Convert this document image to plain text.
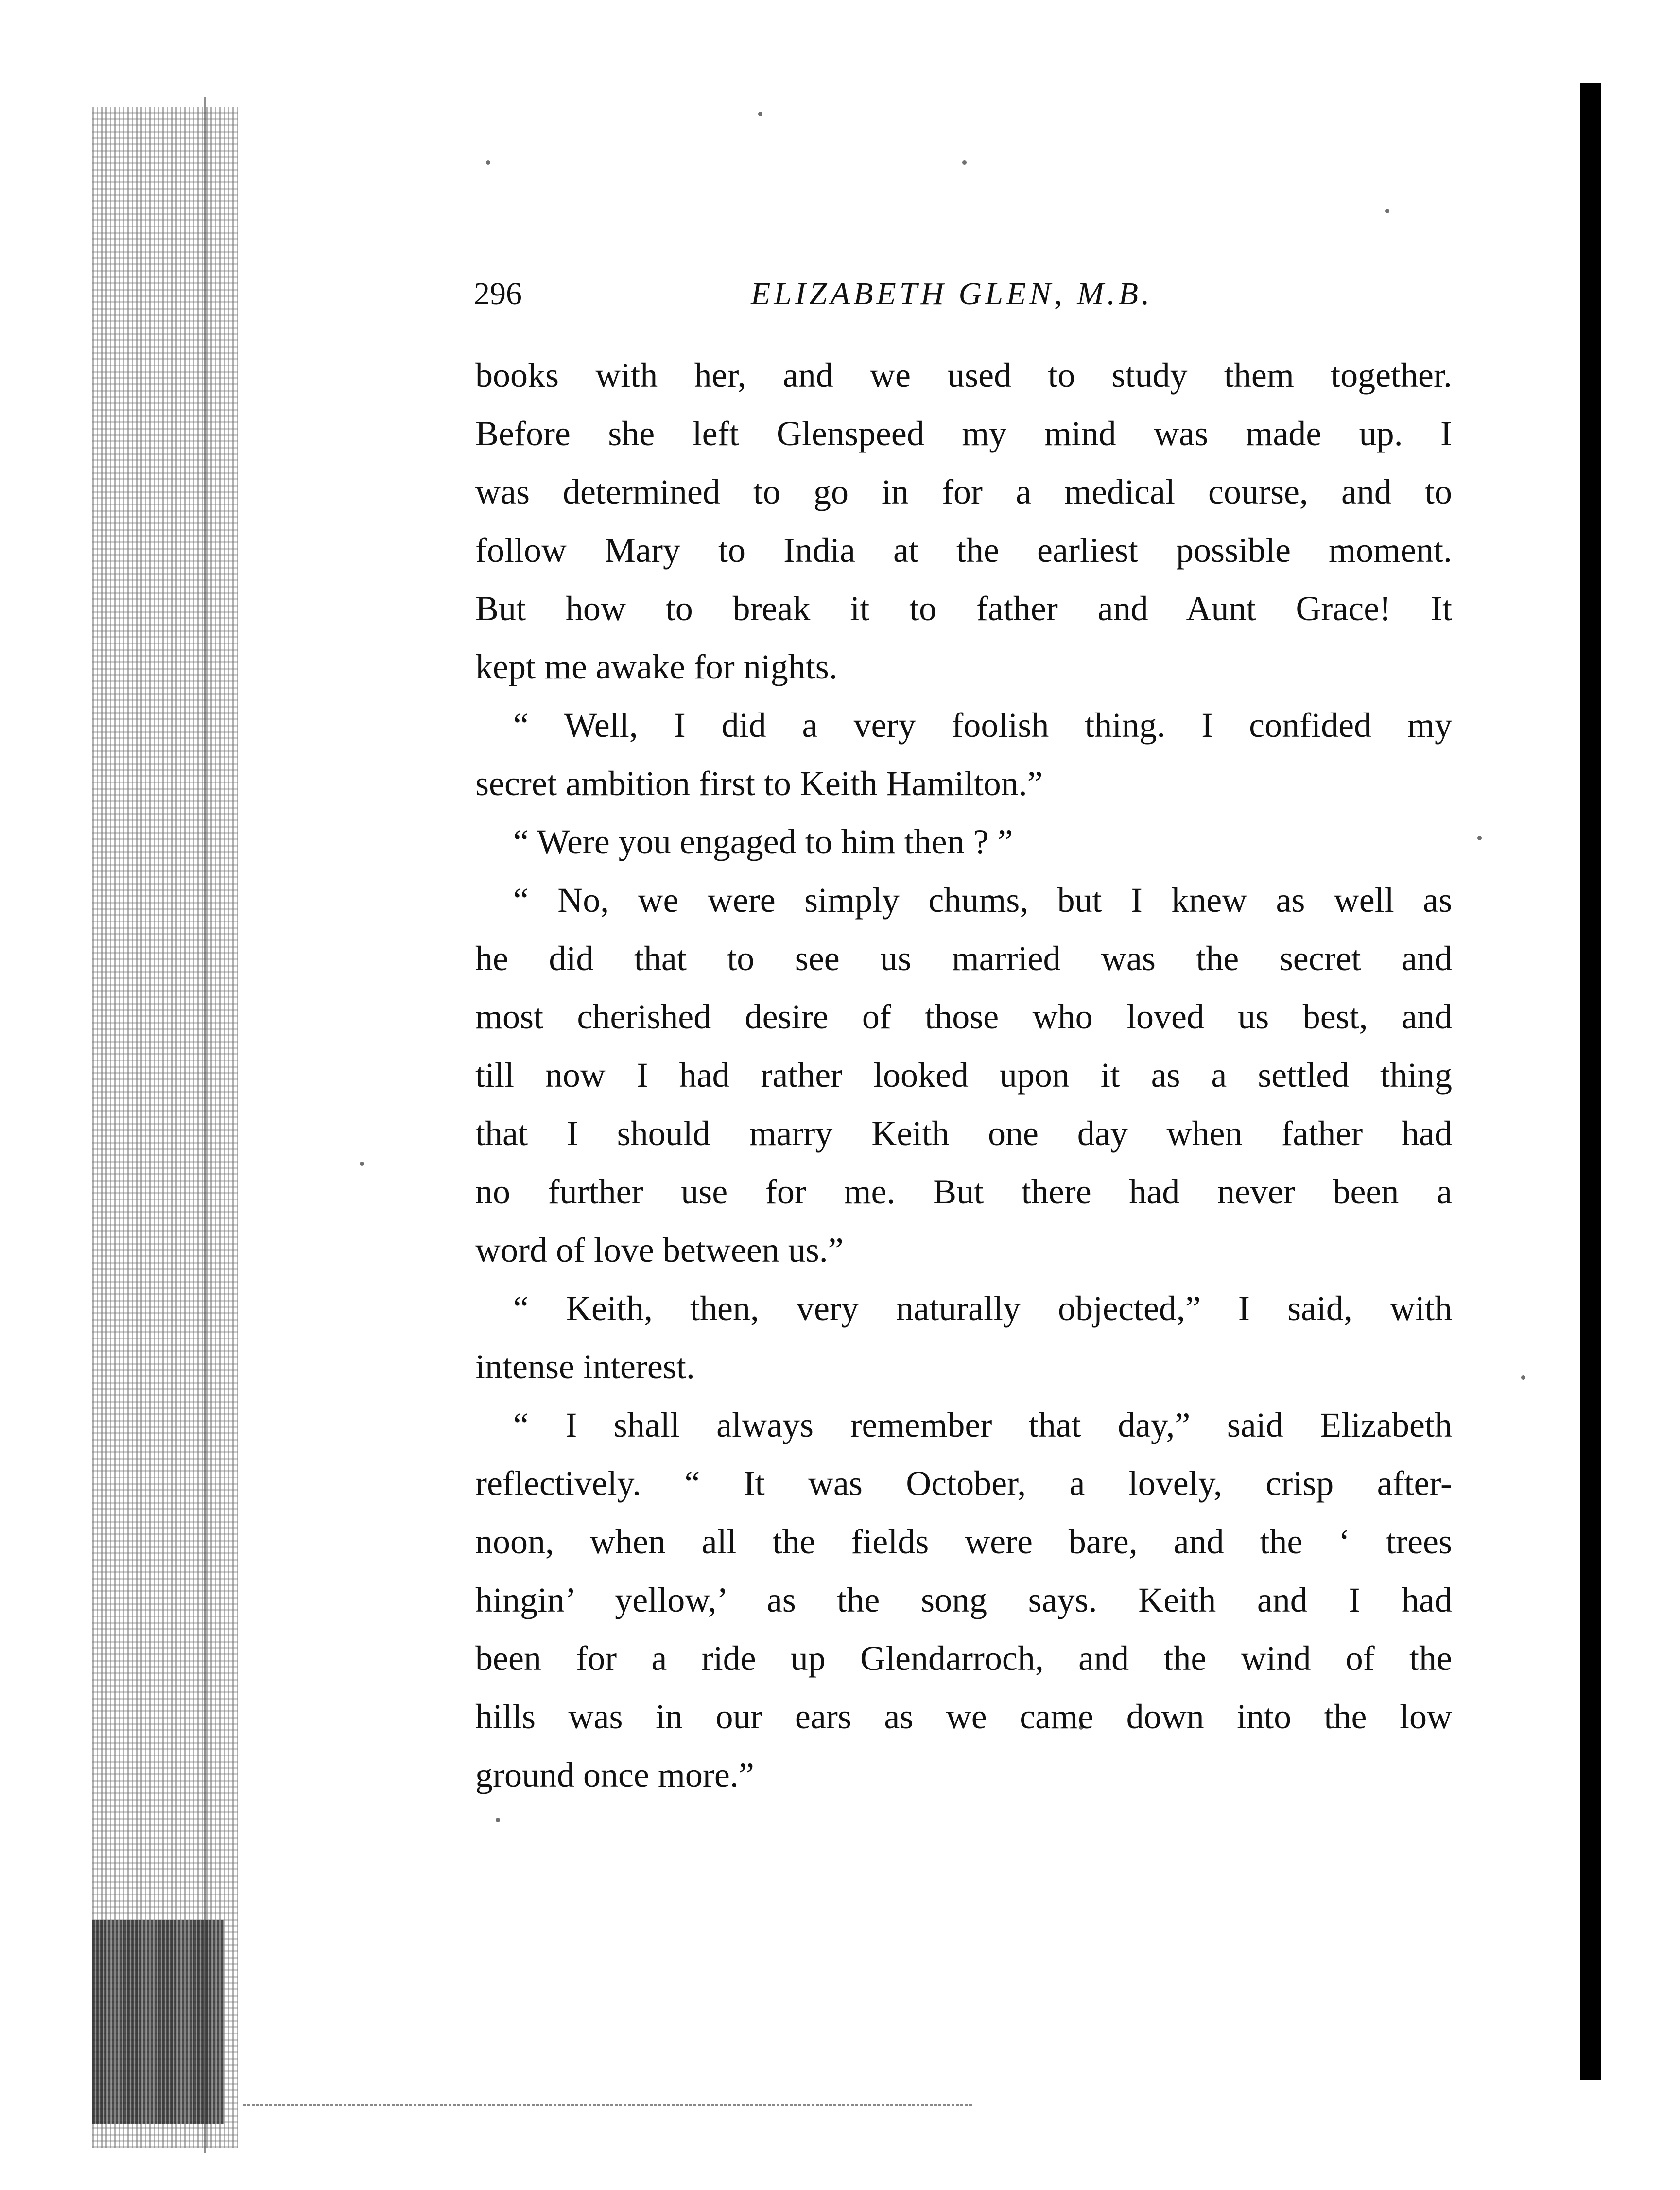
296	ELIZABETH GLEN, M.B.
books with her, and we used to study them together.
Before she left Glenspeed my mind was made up. I
was determined to go in for a medical course, and to
follow Mary to India at the earliest possible moment.
But how to break it to father and Aunt Grace! It
kept me awake for nights.
“ Well, I did a very foolish thing. I confided my
secret ambition first to Keith Hamilton.”
“ Were you engaged to him then ? ”
“ No, we were simply chums, but I knew as well as
he did that to see us married was the secret and
most cherished desire of those who loved us best, and
till now I had rather looked upon it as a settled thing
that I should marry Keith one day when father had
no further use for me. But there had never been a
word of love between us.”
“ Keith, then, very naturally objected,” I said, with
intense interest.
“ I shall always remember that day,” said Elizabeth
reflectively. “ It was October, a lovely, crisp after-
noon, when all the fields were bare, and the ‘ trees
hingin’ yellow,’ as the song says. Keith and I had
been for a ride up Glendarroch, and the wind of the
hills was in our ears as we came down into the low
ground once more.”
